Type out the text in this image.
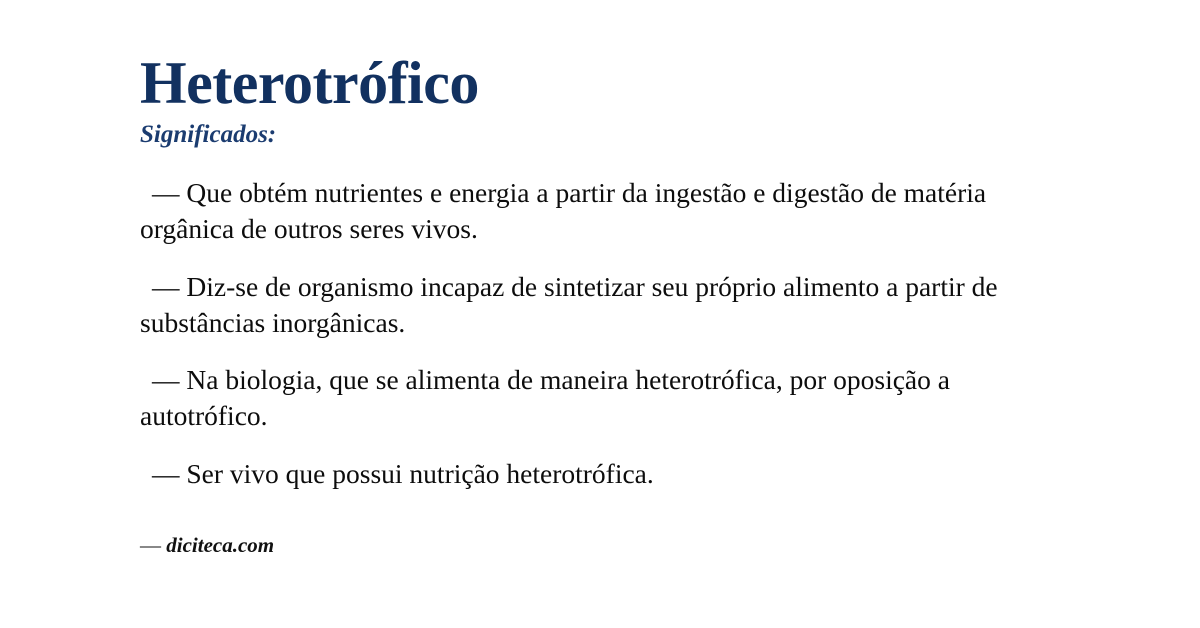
Heterotrófico
Significados:
— Que obtém nutrientes e energia a partir da ingestão e digestão de matéria orgânica de outros seres vivos.
— Diz-se de organismo incapaz de sintetizar seu próprio alimento a partir de substâncias inorgânicas.
— Na biologia, que se alimenta de maneira heterotrófica, por oposição a autotrófico.
— Ser vivo que possui nutrição heterotrófica.
— diciteca.com
